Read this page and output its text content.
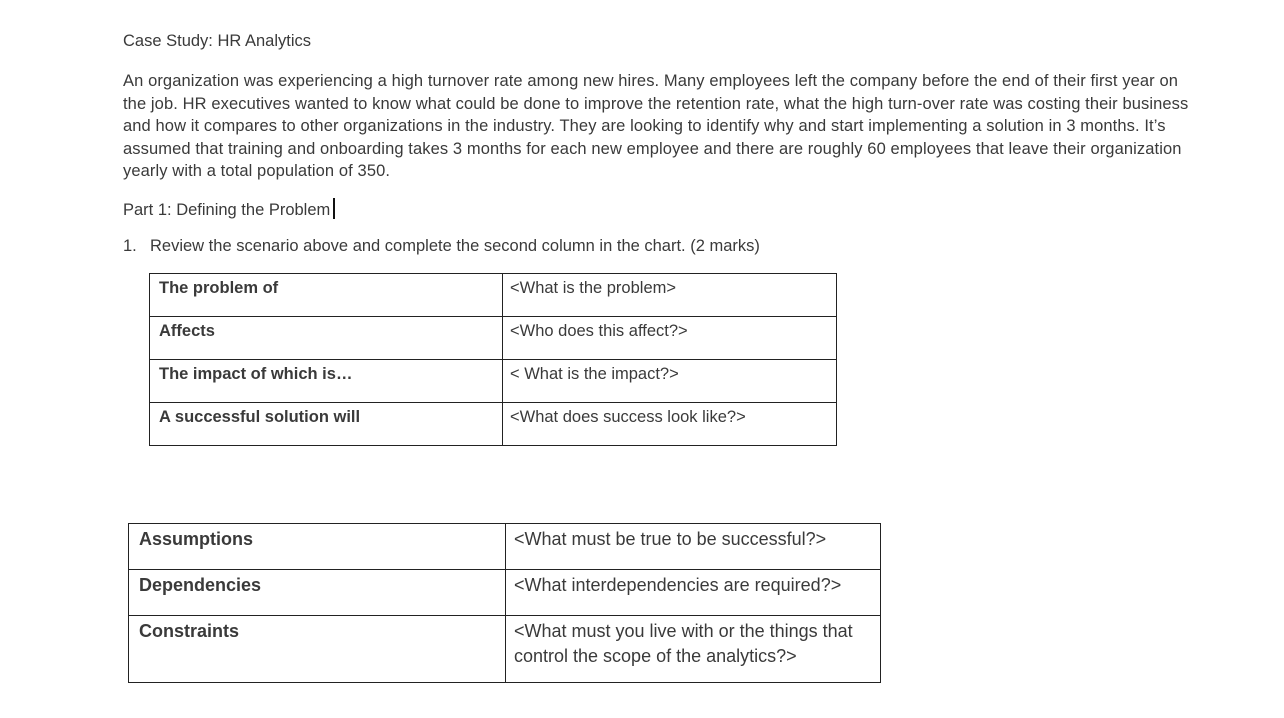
Case Study: HR Analytics

An organization was experiencing a high turnover rate among new hires. Many employees left the company before the end of their first year on the job. HR executives wanted to know what could be done to improve the retention rate, what the high turn-over rate was costing their business and how it compares to other organizations in the industry. They are looking to identify why and start implementing a solution in 3 months. It’s assumed that training and onboarding takes 3 months for each new employee and there are roughly 60 employees that leave their organization yearly with a total population of 350.

Part 1: Defining the Problem

1. Review the scenario above and complete the second column in the chart. (2 marks)

The problem of	<What is the problem>
Affects	<Who does this affect?>
The impact of which is…	< What is the impact?>
A successful solution will	<What does success look like?>
Assumptions	<What must be true to be successful?>
Dependencies	<What interdependencies are required?>
Constraints	<What must you live with or the things that control the scope of the analytics?>
